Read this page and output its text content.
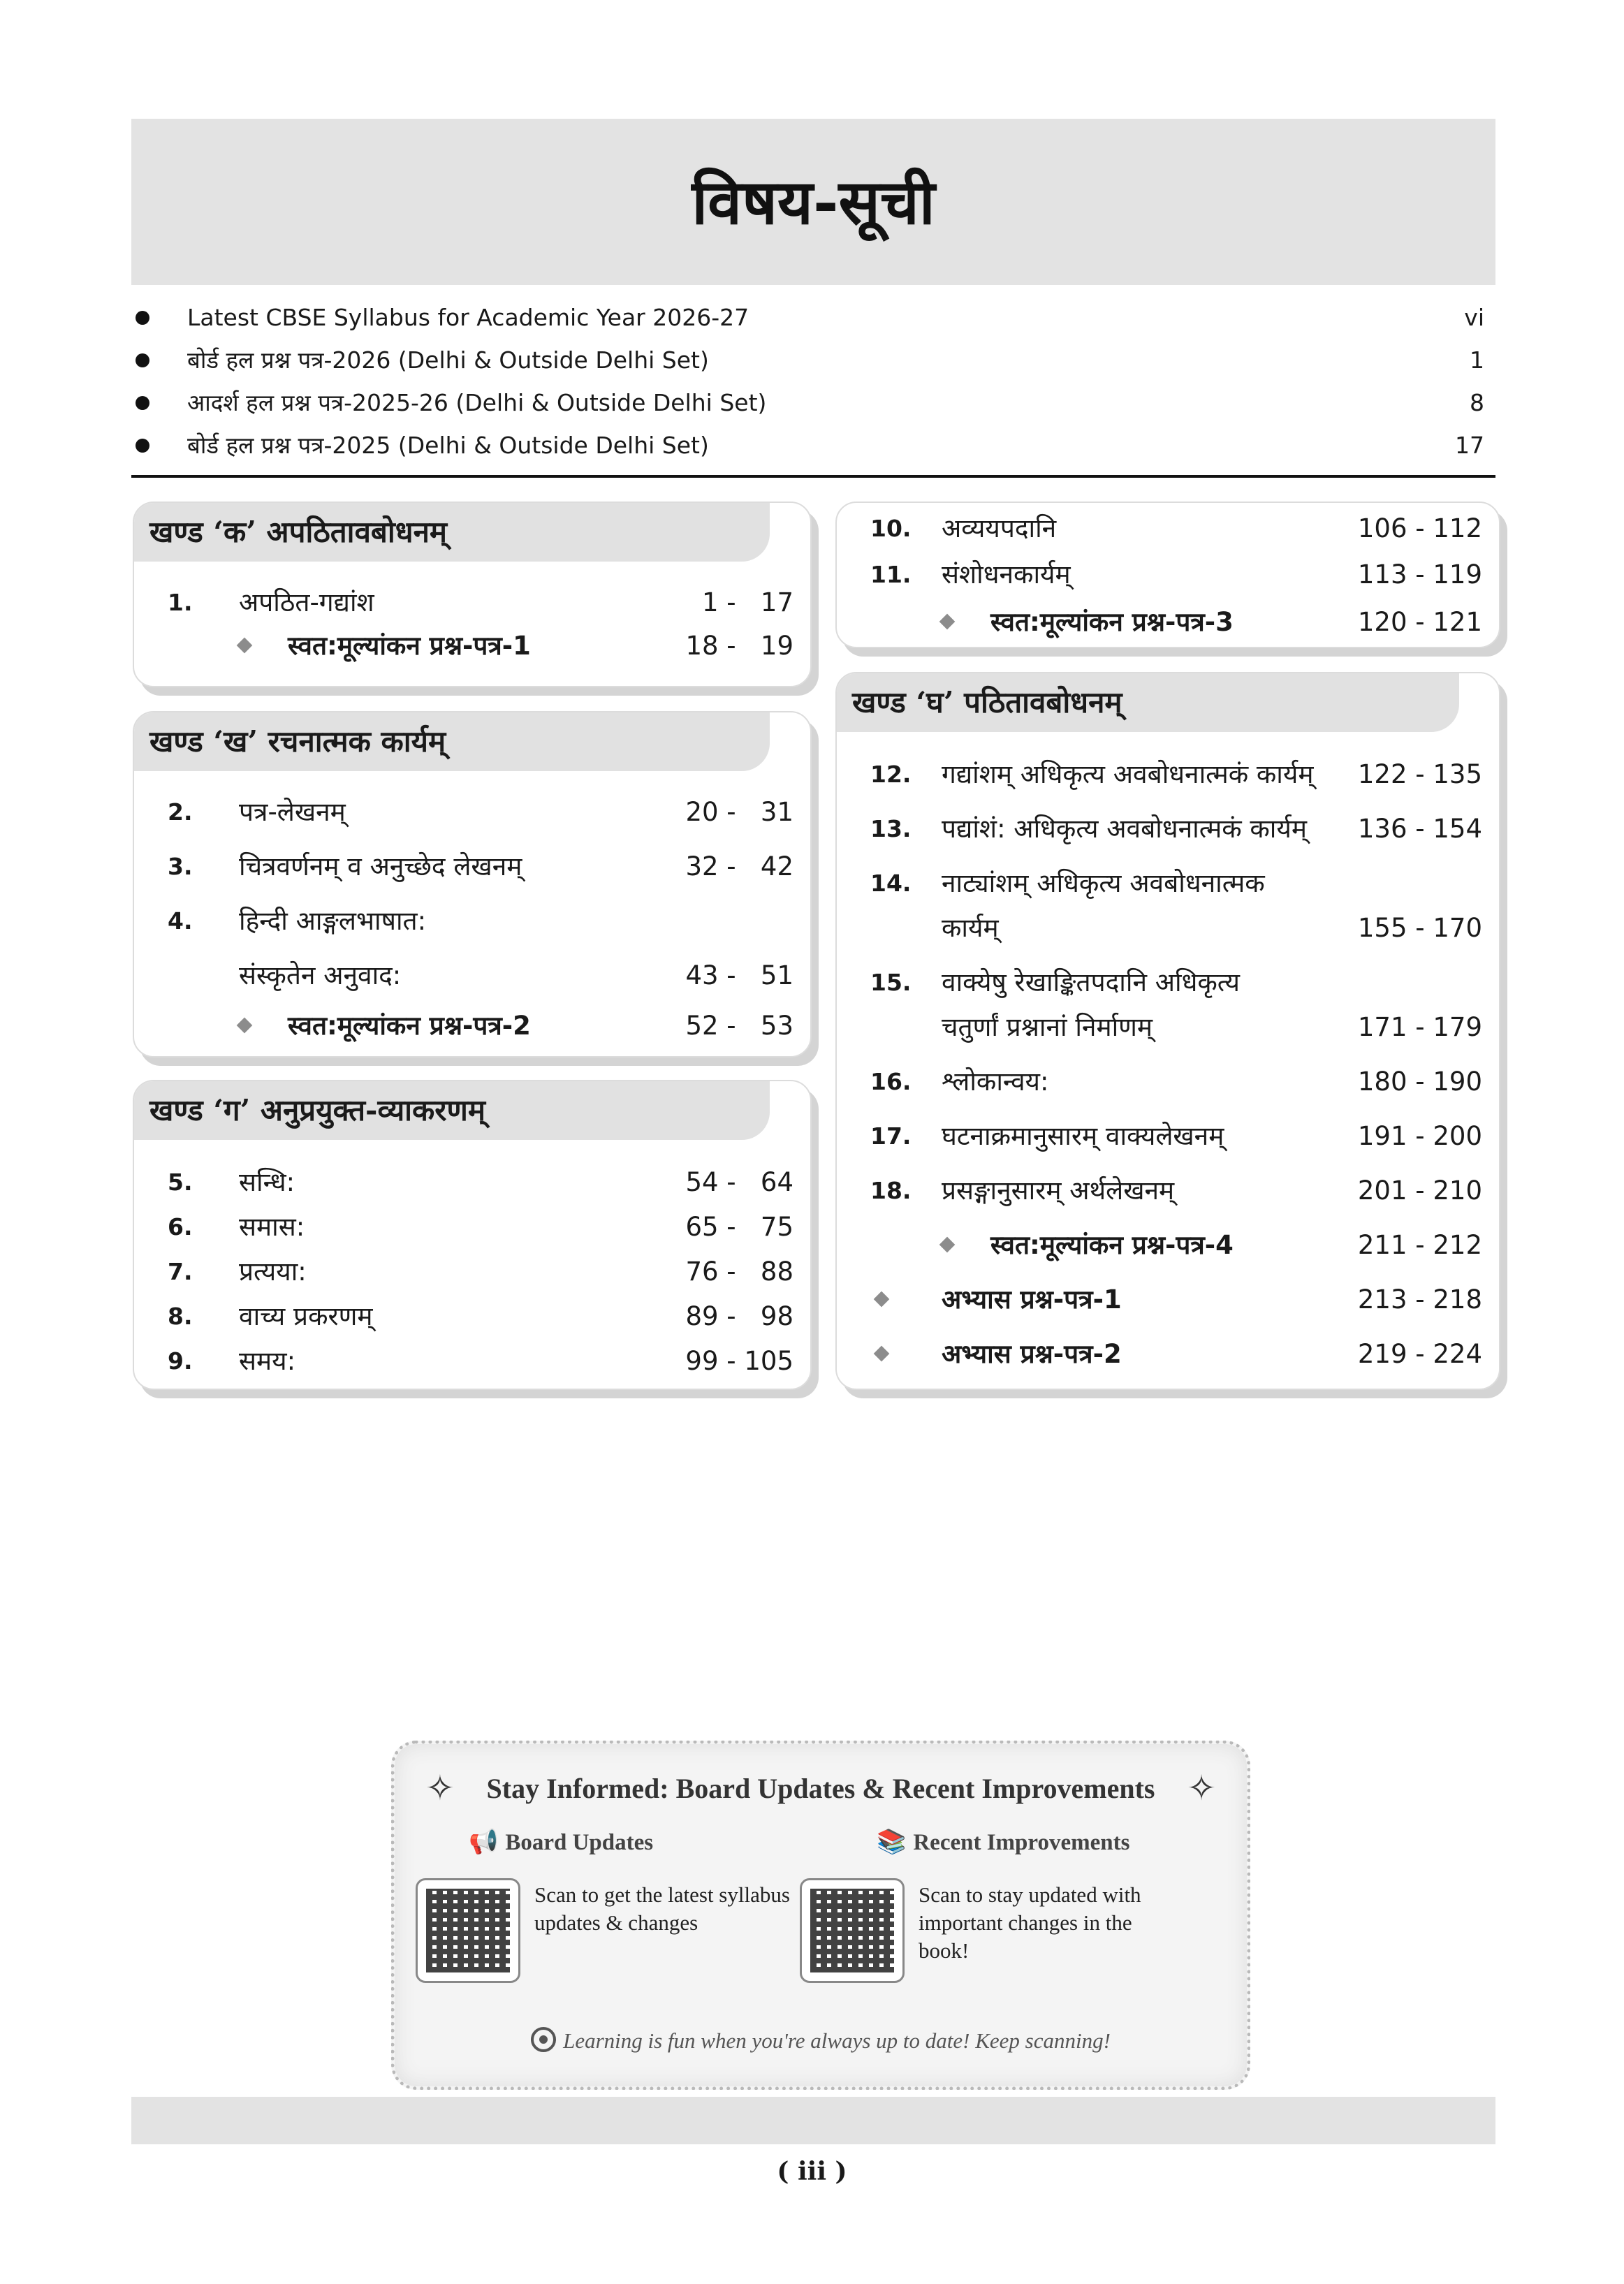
विषय-सूची
Latest CBSE Syllabus for Academic Year 2026-27	vi
बोर्ड हल प्रश्न पत्र-2026 (Delhi & Outside Delhi Set)	1
आदर्श हल प्रश्न पत्र-2025-26 (Delhi & Outside Delhi Set)	8
बोर्ड हल प्रश्न पत्र-2025 (Delhi & Outside Delhi Set)	17
खण्ड ‘क’ अपठितावबोधनम्
1. अपठित-गद्यांश	1 -   17
स्वत:मूल्यांकन प्रश्न-पत्र-1	18 -   19
खण्ड ‘ख’ रचनात्मक कार्यम्
2. पत्र-लेखनम्	20 -   31
3. चित्रवर्णनम् व अनुच्छेद लेखनम्	32 -   42
4. हिन्दी आङ्गलभाषात:
संस्कृतेन अनुवाद:	43 -   51
स्वत:मूल्यांकन प्रश्न-पत्र-2	52 -   53
खण्ड ‘ग’ अनुप्रयुक्त-व्याकरणम्
5. सन्धि:	54 -   64
6. समास:	65 -   75
7. प्रत्यया:	76 -   88
8. वाच्य प्रकरणम्	89 -   98
9. समय:	99 - 105
10. अव्ययपदानि	106 - 112
11. संशोधनकार्यम्	113 - 119
स्वत:मूल्यांकन प्रश्न-पत्र-3	120 - 121
खण्ड ‘घ’ पठितावबोधनम्
12. गद्यांशम् अधिकृत्य अवबोधनात्मकं कार्यम् 122 - 135
13. पद्यांशं: अधिकृत्य अवबोधनात्मकं कार्यम् 136 - 154
14. नाट्यांशम् अधिकृत्य अवबोधनात्मक
कार्यम्	155 - 170
15. वाक्येषु रेखाङ्कितपदानि अधिकृत्य
चतुर्णां प्रश्नानां निर्माणम्	171 - 179
16. श्लोकान्वय:	180 - 190
17. घटनाक्रमानुसारम् वाक्यलेखनम्	191 - 200
18. प्रसङ्गानुसारम् अर्थलेखनम्	201 - 210
स्वत:मूल्यांकन प्रश्न-पत्र-4	211 - 212
अभ्यास प्रश्न-पत्र-1	213 - 218
अभ्यास प्रश्न-पत्र-2	219 - 224
✧	Stay Informed: Board Updates & Recent Improvements ✧
📢 Board Updates	📚 Recent Improvements
Scan to get the latest syllabus updates & changes
Scan to stay updated with important changes in the book!
Learning is fun when you're always up to date! Keep scanning!
( iii )
